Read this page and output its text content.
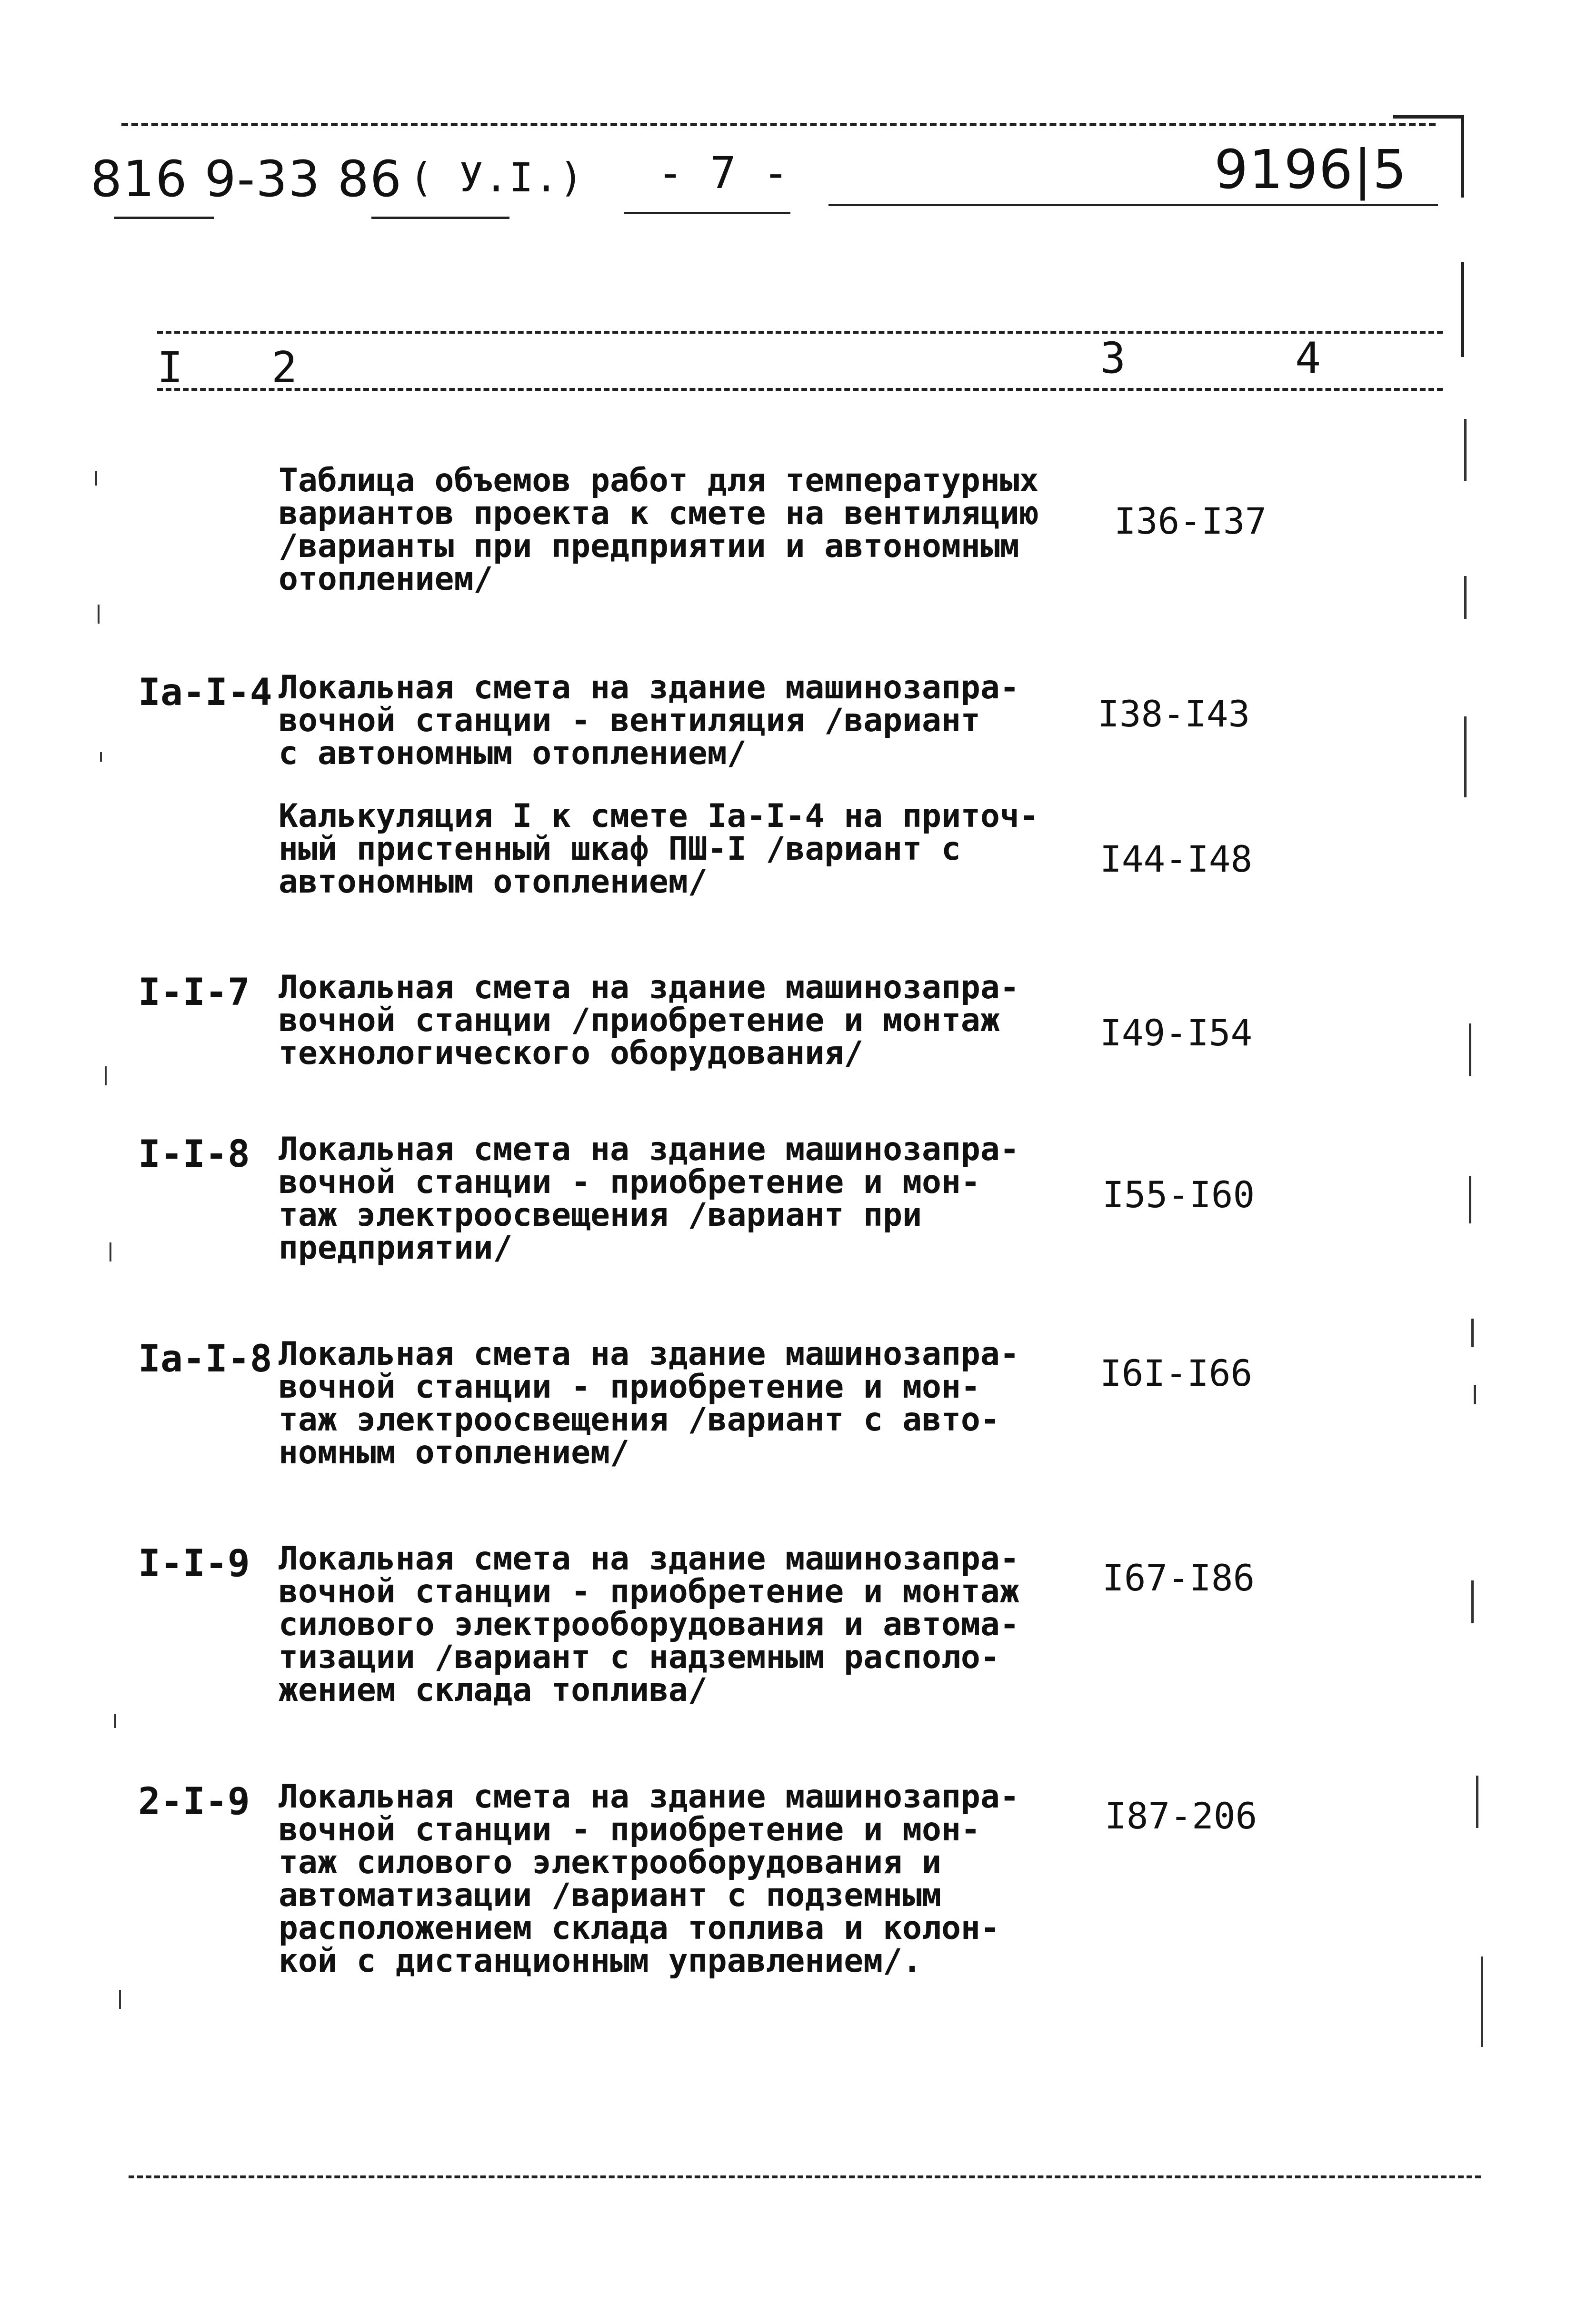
816 9-33 86 ( У.I.) - 7 -	9196|5
I 2	3	4
Таблица объемов работ для температурных
вариантов проекта к смете на вентиляцию
/варианты при предприятии и автономным
отоплением/
I36-I37
Ia-I-4 Локальная смета на здание машинозапра-
вочной станции - вентиляция /вариант
с автономным отоплением/
I38-I43
Калькуляция I к смете Ia-I-4 на приточ-
ный пристенный шкаф ПШ-I /вариант с
автономным отоплением/
I44-I48
I-I-7 Локальная смета на здание машинозапра-
вочной станции /приобретение и монтаж
технологического оборудования/	I49-I54
I-I-8 Локальная смета на здание машинозапра-
вочной станции - приобретение и мон-
таж электроосвещения /вариант при
предприятии/
I55-I60
Ia-I-8 Локальная смета на здание машинозапра-
вочной станции - приобретение и мон-
таж электроосвещения /вариант с авто-
номным отоплением/
I6I-I66
I-I-9 Локальная смета на здание машинозапра-
вочной станции - приобретение и монтаж
силового электрооборудования и автома-
тизации /вариант с надземным располо-
жением склада топлива/
I67-I86
2-I-9 Локальная смета на здание машинозапра-
вочной станции - приобретение и мон-
таж силового электрооборудования и
автоматизации /вариант с подземным
расположением склада топлива и колон-
кой с дистанционным управлением/.
I87-206
